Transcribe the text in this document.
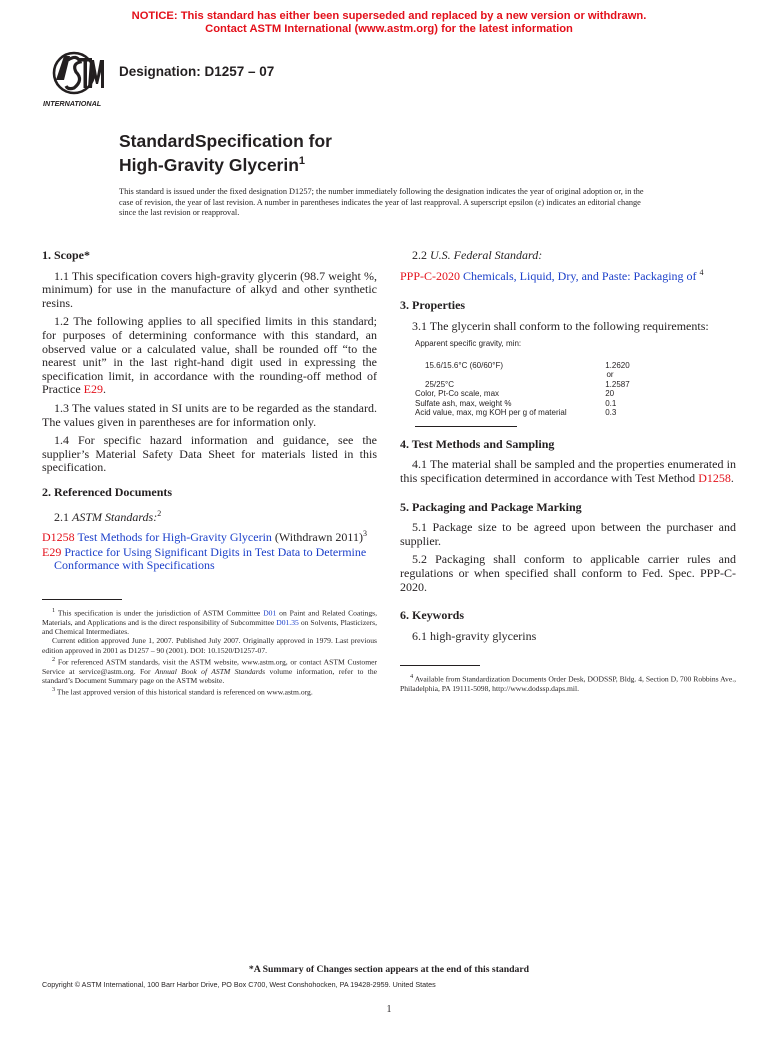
NOTICE: This standard has either been superseded and replaced by a new version or withdrawn.
Contact ASTM International (www.astm.org) for the latest information
INTERNATIONAL
Designation: D1257 – 07
StandardSpecification for
High-Gravity Glycerin$^1$
This standard is issued under the fixed designation D1257; the number immediately following the designation indicates the year of original adoption or, in the case of revision, the year of last revision. A number in parentheses indicates the year of last reapproval. A superscript epsilon (ε) indicates an editorial change since the last revision or reapproval.
1. Scope*

1.1 This specification covers high-gravity glycerin (98.7 weight %, minimum) for use in the manufacture of alkyd and other synthetic resins.

1.2 The following applies to all specified limits in this standard; for purposes of determining conformance with this standard, an observed value or a calculated value, shall be rounded off “to the nearest unit” in the last right-hand digit used in expressing the specification limit, in accordance with the rounding-off method of Practice E29.

1.3 The values stated in SI units are to be regarded as the standard. The values given in parentheses are for information only.

1.4 For specific hazard information and guidance, see the supplier’s Material Safety Data Sheet for materials listed in this specification.

2. Referenced Documents
2.1 ASTM Standards:$^2$
D1258 Test Methods for High-Gravity Glycerin (Withdrawn 2011)$^3$
E29 Practice for Using Significant Digits in Test Data to Determine Conformance with Specifications

$^1$ This specification is under the jurisdiction of ASTM Committee D01 on Paint and Related Coatings, Materials, and Applications and is the direct responsibility of Subcommittee D01.35 on Solvents, Plasticizers, and Chemical Intermediates.

Current edition approved June 1, 2007. Published July 2007. Originally approved in 1979. Last previous edition approved in 2001 as D1257 – 90 (2001). DOI: 10.1520/D1257-07.

$^2$ For referenced ASTM standards, visit the ASTM website, www.astm.org, or contact ASTM Customer Service at service@astm.org. For Annual Book of ASTM Standards volume information, refer to the standard’s Document Summary page on the ASTM website.

$^3$ The last approved version of this historical standard is referenced on www.astm.org.

2.2 U.S. Federal Standard:
PPP-C-2020 Chemicals, Liquid, Dry, and Paste: Packaging of $^4$
3. Properties

3.1 The glycerin shall conform to the following requirements:

Apparent specific gravity, min:
15.6/15.6°C (60/60°F)	1.2620
or
25/25°C	1.2587
Color, Pt-Co scale, max	20
Sulfate ash, max, weight %	0.1
Acid value, max, mg KOH per g of material	0.3
4. Test Methods and Sampling

4.1 The material shall be sampled and the properties enumerated in this specification determined in accordance with Test Method D1258.

5. Packaging and Package Marking

5.1 Package size to be agreed upon between the purchaser and supplier.

5.2 Packaging shall conform to applicable carrier rules and regulations or when specified shall conform to Fed. Spec. PPP-C-2020.

6. Keywords

6.1 high-gravity glycerins

$^4$ Available from Standardization Documents Order Desk, DODSSP, Bldg. 4, Section D, 700 Robbins Ave., Philadelphia, PA 19111-5098, http://www.dodssp.daps.mil.

*A Summary of Changes section appears at the end of this standard
Copyright © ASTM International, 100 Barr Harbor Drive, PO Box C700, West Conshohocken, PA 19428-2959. United States
1
